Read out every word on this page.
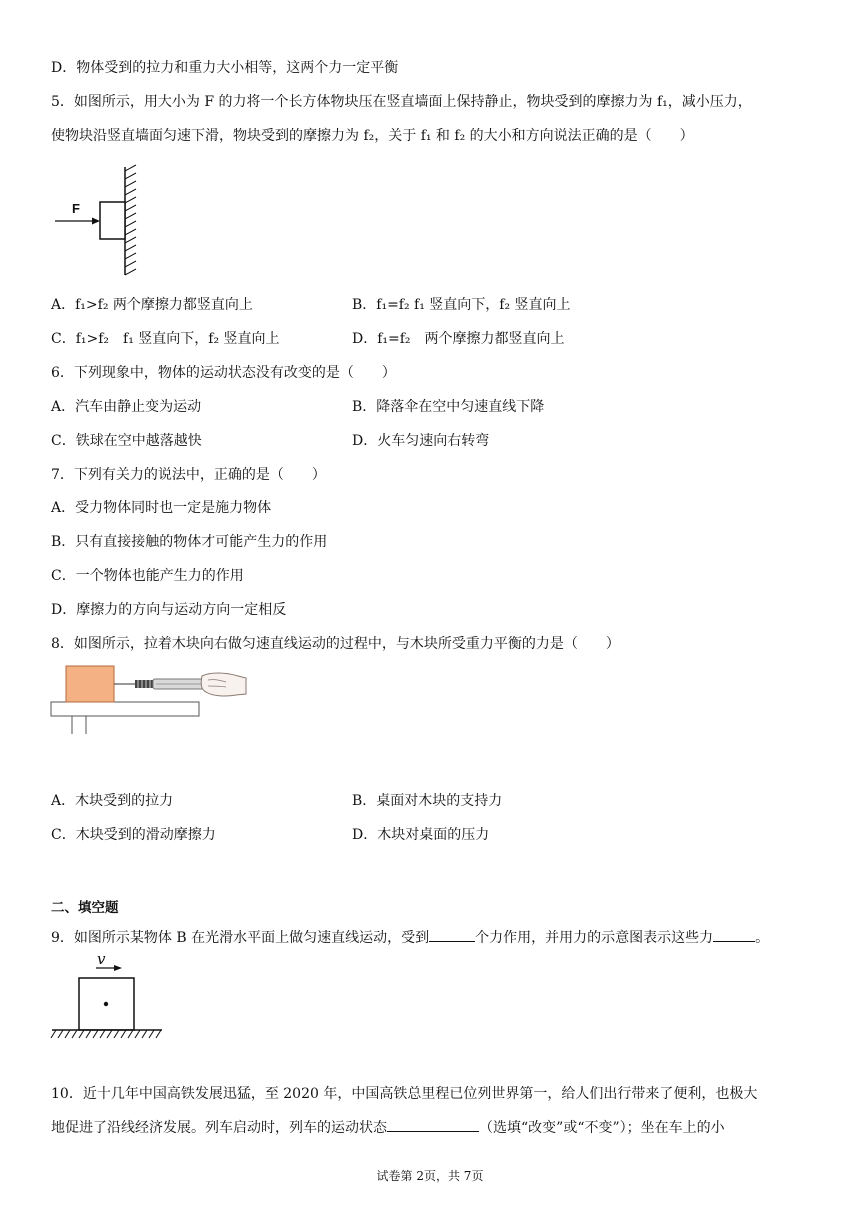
D．物体受到的拉力和重力大小相等，这两个力一定平衡
5．如图所示，用大小为 F 的力将一个长方体物块压在竖直墙面上保持静止，物块受到的摩擦力为 f₁，减小压力，
使物块沿竖直墙面匀速下滑，物块受到的摩擦力为 f₂，关于 f₁ 和 f₂ 的大小和方向说法正确的是（　　）
F
A．f₁>f₂ 两个摩擦力都竖直向上	B．f₁=f₂ f₁ 竖直向下，f₂ 竖直向上
C．f₁>f₂　f₁ 竖直向下，f₂ 竖直向上	D．f₁=f₂　两个摩擦力都竖直向上
6．下列现象中，物体的运动状态没有改变的是（　　）
A．汽车由静止变为运动	B．降落伞在空中匀速直线下降
C．铁球在空中越落越快	D．火车匀速向右转弯
7．下列有关力的说法中，正确的是（　　）
A．受力物体同时也一定是施力物体
B．只有直接接触的物体才可能产生力的作用
C．一个物体也能产生力的作用
D．摩擦力的方向与运动方向一定相反
8．如图所示，拉着木块向右做匀速直线运动的过程中，与木块所受重力平衡的力是（　　）
A．木块受到的拉力	B．桌面对木块的支持力
C．木块受到的滑动摩擦力	D．木块对桌面的压力
二、填空题
9．如图所示某物体 B 在光滑水平面上做匀速直线运动，受到	个力作用，并用力的示意图表示这些力	。
v
10．近十几年中国高铁发展迅猛，至 2020 年，中国高铁总里程已位列世界第一，给人们出行带来了便利，也极大
地促进了沿线经济发展。列车启动时，列车的运动状态	（选填“改变”或“不变”）；坐在车上的小
试卷第 2页，共 7页
